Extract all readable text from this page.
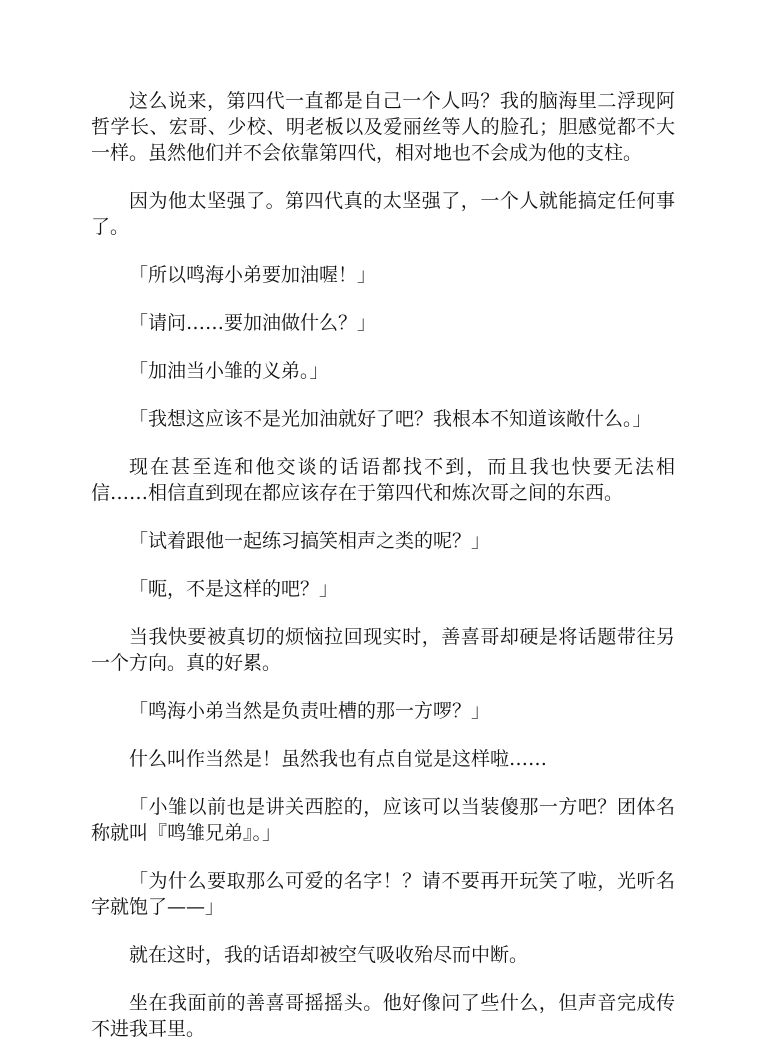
这么说来，第四代一直都是自己一个人吗？我的脑海里二浮现阿哲学长、宏哥、少校、明老板以及爱丽丝等人的脸孔；胆感觉都不大一样。虽然他们并不会依靠第四代，相对地也不会成为他的支柱。

因为他太坚强了。第四代真的太坚强了，一个人就能搞定任何事了。

「所以鸣海小弟要加油喔！」

「请问……要加油做什么？」

「加油当小雏的义弟。」

「我想这应该不是光加油就好了吧？我根本不知道该敞什么。」

现在甚至连和他交谈的话语都找不到，而且我也快要无法相信……相信直到现在都应该存在于第四代和炼次哥之间的东西。

「试着跟他一起练习搞笑相声之类的呢？」

「呃，不是这样的吧？」

当我快要被真切的烦恼拉回现实时，善喜哥却硬是将话题带往另一个方向。真的好累。

「鸣海小弟当然是负责吐槽的那一方啰？」

什么叫作当然是！虽然我也有点自觉是这样啦……

「小雏以前也是讲关西腔的，应该可以当装傻那一方吧？团体名称就叫『鸣雏兄弟』。」

「为什么要取那么可爱的名字！？请不要再开玩笑了啦，光听名字就饱了——」

就在这时，我的话语却被空气吸收殆尽而中断。

坐在我面前的善喜哥摇摇头。他好像问了些什么，但声音完成传不进我耳里。
